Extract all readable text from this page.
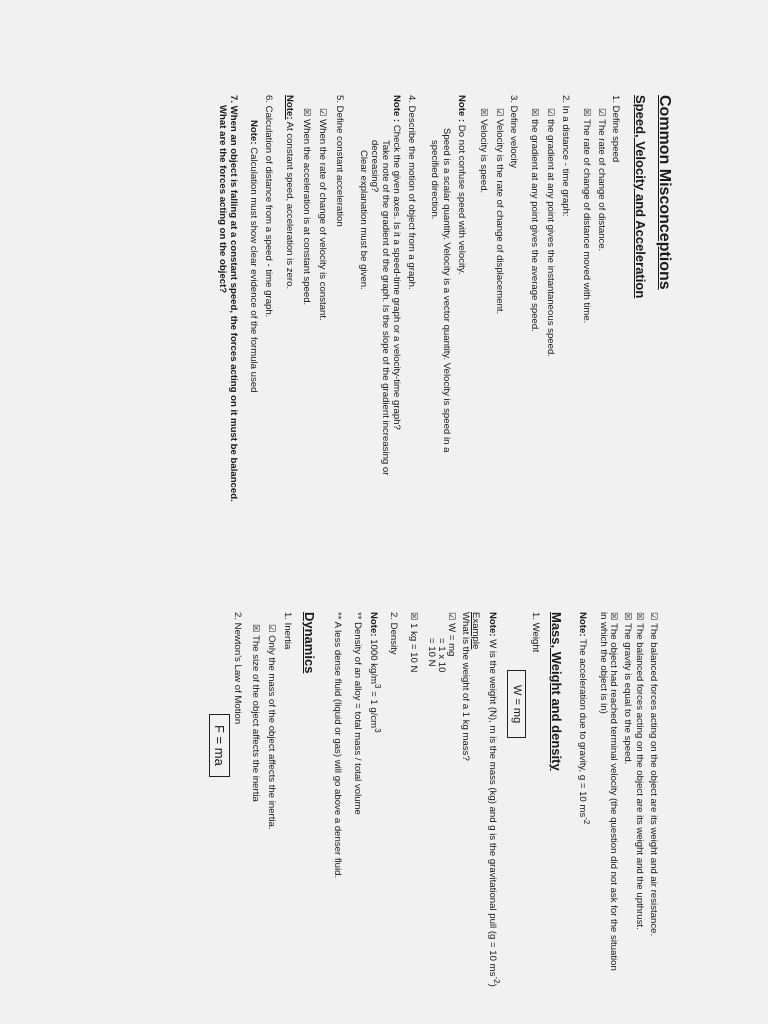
Common Misconceptions
Speed, Velocity and Acceleration
1. Define speed
☑The rate of change of distance.
☒The rate of change of distance moved with time.
2. In a distance - time graph:
☑the gradient at any point gives the instantaneous speed.
☒the gradient at any point gives the average speed.
3. Define velocity
☑Velocity is the rate of change of displacement.
☒Velocity is speed.
Note : Do not confuse speed with velocity.
Speed is a scalar quantity. Velocity is a vector quantity. Velocity is speed in a
specified direction.
4. Describe the motion of object from a graph.
Note : Check the given axes. Is it a speed-time graph or a velocity-time graph?
Take note of the gradient of the graph. Is the slope of the gradient increasing or
decreasing?
Clear explanation must be given.
5. Define constant acceleration
☑When the rate of change of velocity is constant.
☒When the acceleration is at constant speed.
Note: At constant speed, acceleration is zero.
6. Calculation of distance from a speed - time graph.
Note: Calculation must show clear evidence of the formula used
7. When an object is falling at a constant speed, the forces acting on it must be balanced.
What are the forces acting on the object?
☑The balanced forces acting on the object are its weight and air resistance.
☒The balanced forces acting on the object are its weight and the upthrust.
☒The gravity is equal to the speed.
☒The object had reached terminal velocity (the question did not ask for the situation
in which the object is in)
Note: The acceleration due to gravity, g = 10 $ms^{-2}$
Mass, Weight and density
1. Weight
W = mg
Note: W is the weight (N), m is the mass (kg) and g is the gravitational pull (g = 10 $ms^{-2}$)
Example
What is the weight of a 1 kg mass?
☑W = mg
= 1 x 10
= 10 N
☒1 kg = 10 N
2. Density
Note: 1000 $kg/m^3 = 1$ $g/cm^3$
** Density of an alloy = total mass / total volume
** A less dense fluid (liquid or gas) will go above a denser fluid.
Dynamics
1. Inertia
☑Only the mass of the object affects the inertia.
☒The size of the object affects the inertia
2. Newton's Law of Motion
F = ma
